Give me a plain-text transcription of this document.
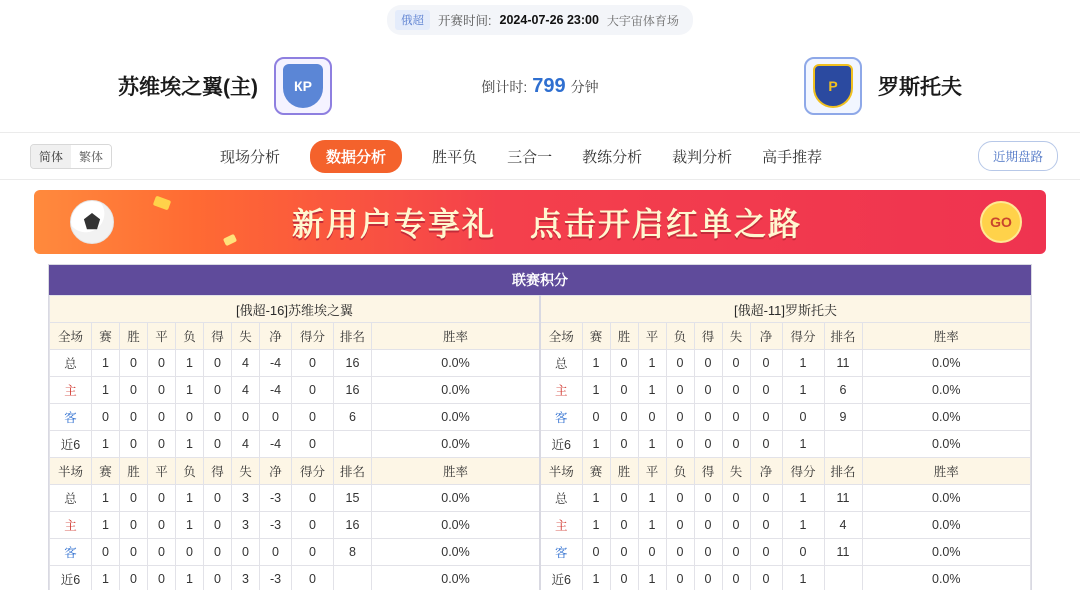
俄超	开赛时间: 2024-07-26 23:00 大宇宙体育场
苏维埃之翼(主)	КР	倒计时: 799 分钟	Р	罗斯托夫
简体	繁体	现场分析	数据分析	胜平负 三合一 教练分析 裁判分析 高手推荐	近期盘路
新用户专享礼　点击开启红单之路	GO
联赛积分
[俄超-16]苏维埃之翼											[俄超-11]罗斯托夫										
全场	赛	胜	平	负	得	失	净	得分	排名	胜率	全场	赛	胜	平	负	得	失	净	得分	排名	胜率
总	1	0	0	1	0	4	-4	0	16	0.0%	总	1	0	1	0	0	0	0	1	11	0.0%
主	1	0	0	1	0	4	-4	0	16	0.0%	主	1	0	1	0	0	0	0	1	6	0.0%
客	0	0	0	0	0	0	0	0	6	0.0%	客	0	0	0	0	0	0	0	0	9	0.0%
近6	1	0	0	1	0	4	-4	0		0.0%	近6	1	0	1	0	0	0	0	1		0.0%
半场	赛	胜	平	负	得	失	净	得分	排名	胜率	半场	赛	胜	平	负	得	失	净	得分	排名	胜率
总	1	0	0	1	0	3	-3	0	15	0.0%	总	1	0	1	0	0	0	0	1	11	0.0%
主	1	0	0	1	0	3	-3	0	16	0.0%	主	1	0	1	0	0	0	0	1	4	0.0%
客	0	0	0	0	0	0	0	0	8	0.0%	客	0	0	0	0	0	0	0	0	11	0.0%
近6	1	0	0	1	0	3	-3	0		0.0%	近6	1	0	1	0	0	0	0	1		0.0%
